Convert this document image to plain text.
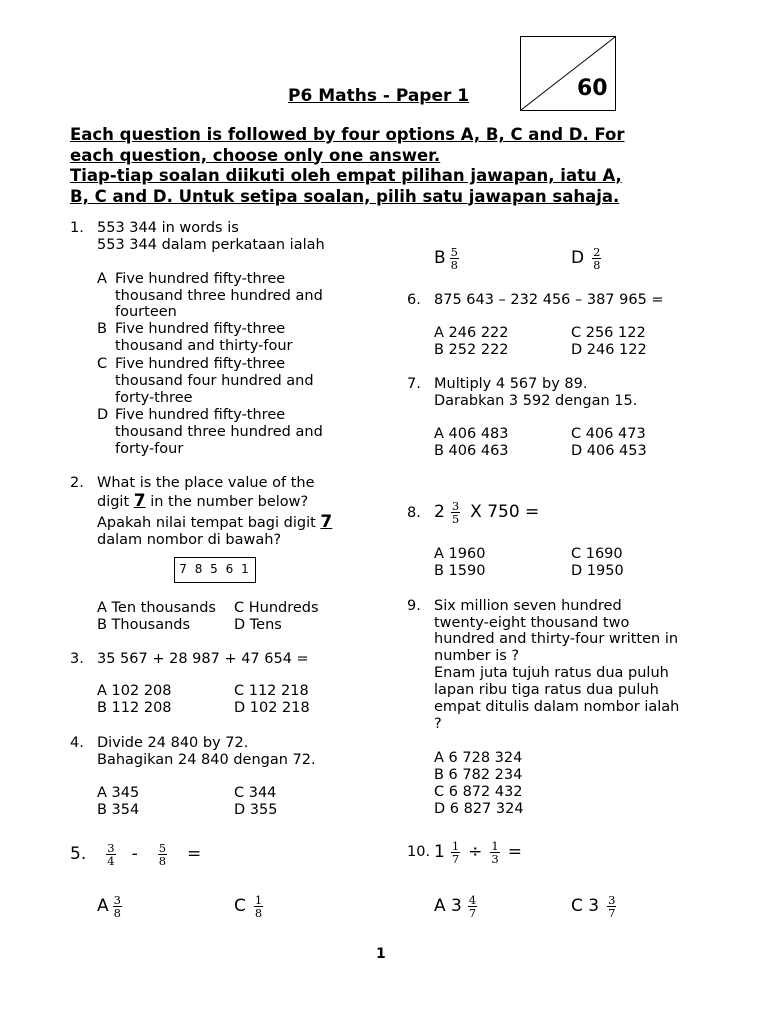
60
P6 Maths - Paper 1
Each question is followed by four options A, B, C and D. For
each question, choose only one answer.
Tiap-tiap soalan diikuti oleh empat pilihan jawapan, iatu A,
B, C and D. Untuk setipa soalan, pilih satu jawapan sahaja.
1. 553 344 in words is
553 344 dalam perkataan ialah
A Five hundred fifty-three
thousand three hundred and
fourteen
B Five hundred fifty-three
thousand and thirty-four
C Five hundred fifty-three
thousand four hundred and
forty-three
D Five hundred fifty-three
thousand three hundred and
forty-four
2. What is the place value of the
digit 7 in the number below?
Apakah nilai tempat bagi digit 7
dalam nombor di bawah?
7 8 5 6 1
A Ten thousands C Hundreds
B Thousands	D Tens
3. 35 567 + 28 987 + 47 654 =
A 102 208	C 112 218
B 112 208	D 102 218
4. Divide 24 840 by 72.
Bahagikan 24 840 dengan 72.
A 345	C 344
B 354	D 355
5. $\frac{3}{4} - \frac{5}{8}$ =
A $\frac{3}{8}$	C $\frac{1}{8}$
B $\frac{5}{8}$	D $\frac{2}{8}$
6. 875 643 – 232 456 – 387 965 =
A 246 222	C 256 122
B 252 222	D 246 122
7. Multiply 4 567 by 89.
Darabkan 3 592 dengan 15.
A 406 483	C 406 473
B 406 463	D 406 453
8. $2 \frac{3}{5}$ X 750 =
A 1960	C 1690
B 1590	D 1950
9. Six million seven hundred
twenty-eight thousand two
hundred and thirty-four written in
number is ?
Enam juta tujuh ratus dua puluh
lapan ribu tiga ratus dua puluh
empat ditulis dalam nombor ialah
?
A 6 728 324
B 6 782 234
C 6 872 432
D 6 827 324
10. $1 \frac{1}{7} \div \frac{1}{3}$ =
A $3 \frac{4}{7}$	C $3 \frac{3}{7}$
1
